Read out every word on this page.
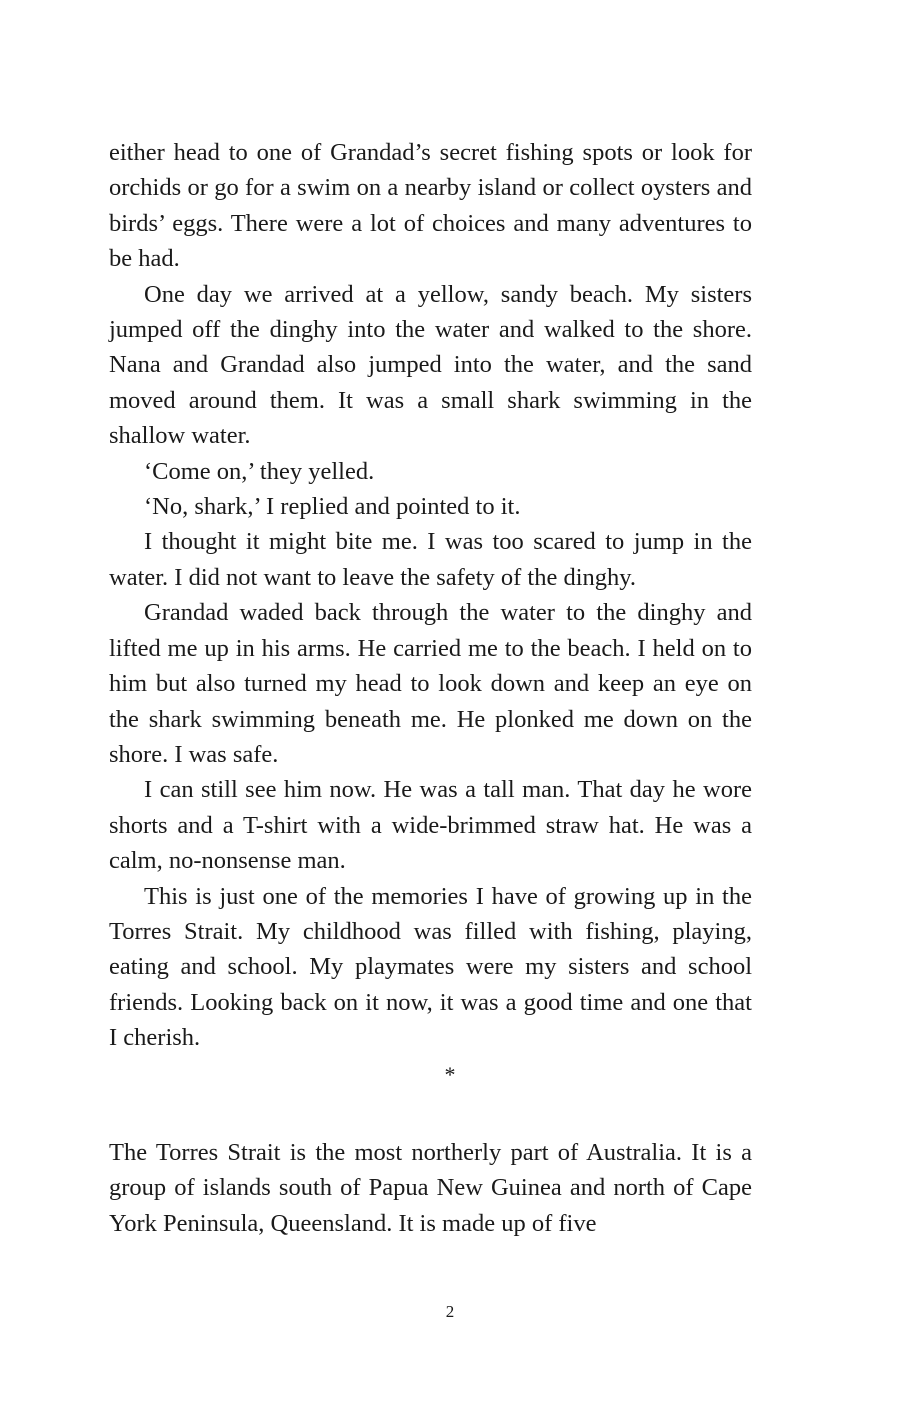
either head to one of Grandad’s secret fishing spots or look for orchids or go for a swim on a nearby island or collect oysters and birds’ eggs. There were a lot of choices and many adventures to be had.

One day we arrived at a yellow, sandy beach. My sisters jumped off the dinghy into the water and walked to the shore. Nana and Grandad also jumped into the water, and the sand moved around them. It was a small shark swimming in the shallow water.

‘Come on,’ they yelled.

‘No, shark,’ I replied and pointed to it.

I thought it might bite me. I was too scared to jump in the water. I did not want to leave the safety of the dinghy.

Grandad waded back through the water to the dinghy and lifted me up in his arms. He carried me to the beach. I held on to him but also turned my head to look down and keep an eye on the shark swimming beneath me. He plonked me down on the shore. I was safe.

I can still see him now. He was a tall man. That day he wore shorts and a T-shirt with a wide-brimmed straw hat. He was a calm, no-nonsense man.

This is just one of the memories I have of growing up in the Torres Strait. My childhood was filled with fishing, playing, eating and school. My playmates were my sisters and school friends. Looking back on it now, it was a good time and one that I cherish.

*

The Torres Strait is the most northerly part of Australia. It is a group of islands south of Papua New Guinea and north of Cape York Peninsula, Queensland. It is made up of five

2
